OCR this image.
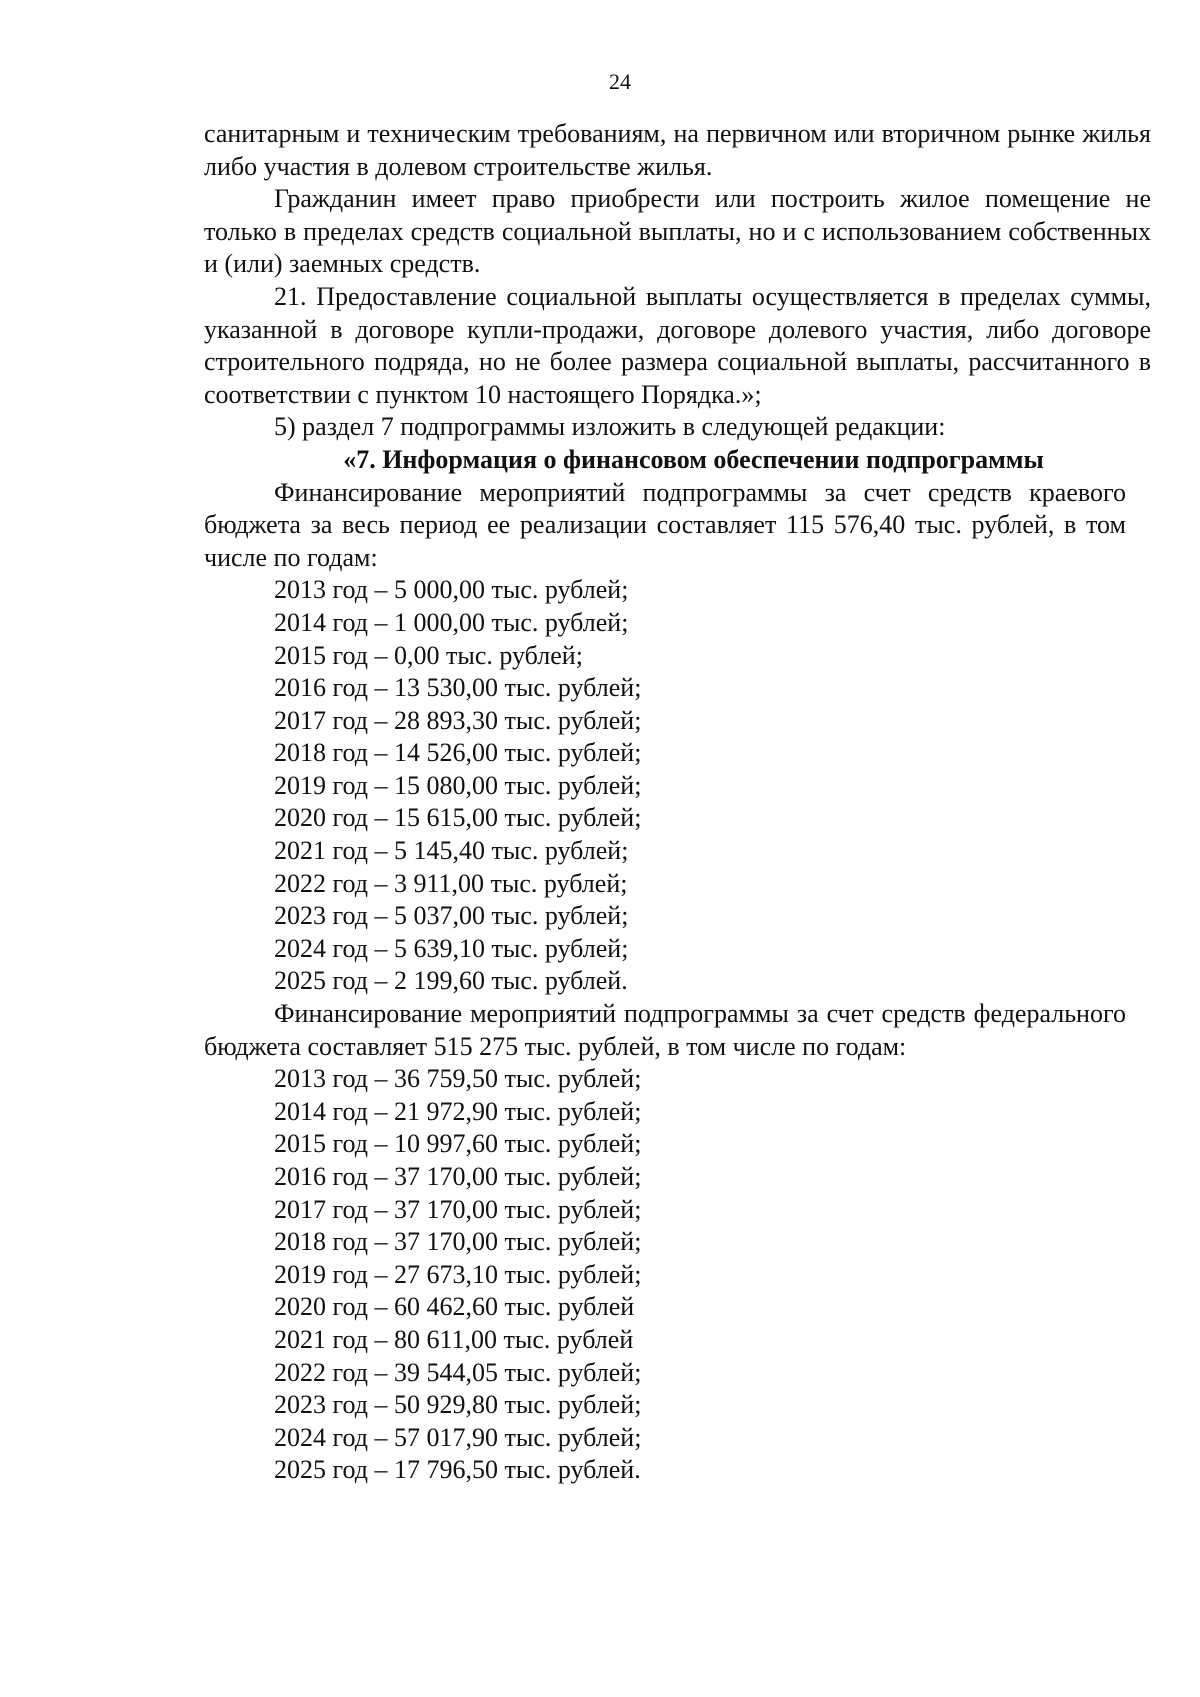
24

санитарным и техническим требованиям, на первичном или вторичном рынке жилья либо участия в долевом строительстве жилья.

Гражданин имеет право приобрести или построить жилое помещение не только в пределах средств социальной выплаты, но и с использованием собственных и (или) заемных средств.

21. Предоставление социальной выплаты осуществляется в пределах суммы, указанной в договоре купли-продажи, договоре долевого участия, либо договоре строительного подряда, но не более размера социальной выплаты, рассчитанного в соответствии с пунктом 10 настоящего Порядка.»;

5) раздел 7 подпрограммы изложить в следующей редакции:

«7. Информация о финансовом обеспечении подпрограммы

Финансирование мероприятий подпрограммы за счет средств краевого бюджета за весь период ее реализации составляет 115 576,40 тыс. рублей, в том числе по годам:

2013 год – 5 000,00 тыс. рублей;

2014 год – 1 000,00 тыс. рублей;

2015 год – 0,00 тыс. рублей;

2016 год – 13 530,00 тыс. рублей;

2017 год – 28 893,30 тыс. рублей;

2018 год – 14 526,00 тыс. рублей;

2019 год – 15 080,00 тыс. рублей;

2020 год – 15 615,00 тыс. рублей;

2021 год – 5 145,40 тыс. рублей;

2022 год – 3 911,00 тыс. рублей;

2023 год – 5 037,00 тыс. рублей;

2024 год – 5 639,10 тыс. рублей;

2025 год – 2 199,60 тыс. рублей.

Финансирование мероприятий подпрограммы за счет средств федерального бюджета составляет 515 275 тыс. рублей, в том числе по годам:

2013 год – 36 759,50 тыс. рублей;

2014 год – 21 972,90 тыс. рублей;

2015 год – 10 997,60 тыс. рублей;

2016 год – 37 170,00 тыс. рублей;

2017 год – 37 170,00 тыс. рублей;

2018 год – 37 170,00 тыс. рублей;

2019 год – 27 673,10 тыс. рублей;

2020 год – 60 462,60 тыс. рублей

2021 год – 80 611,00 тыс. рублей

2022 год – 39 544,05 тыс. рублей;

2023 год – 50 929,80 тыс. рублей;

2024 год – 57 017,90 тыс. рублей;

2025 год – 17 796,50 тыс. рублей.
